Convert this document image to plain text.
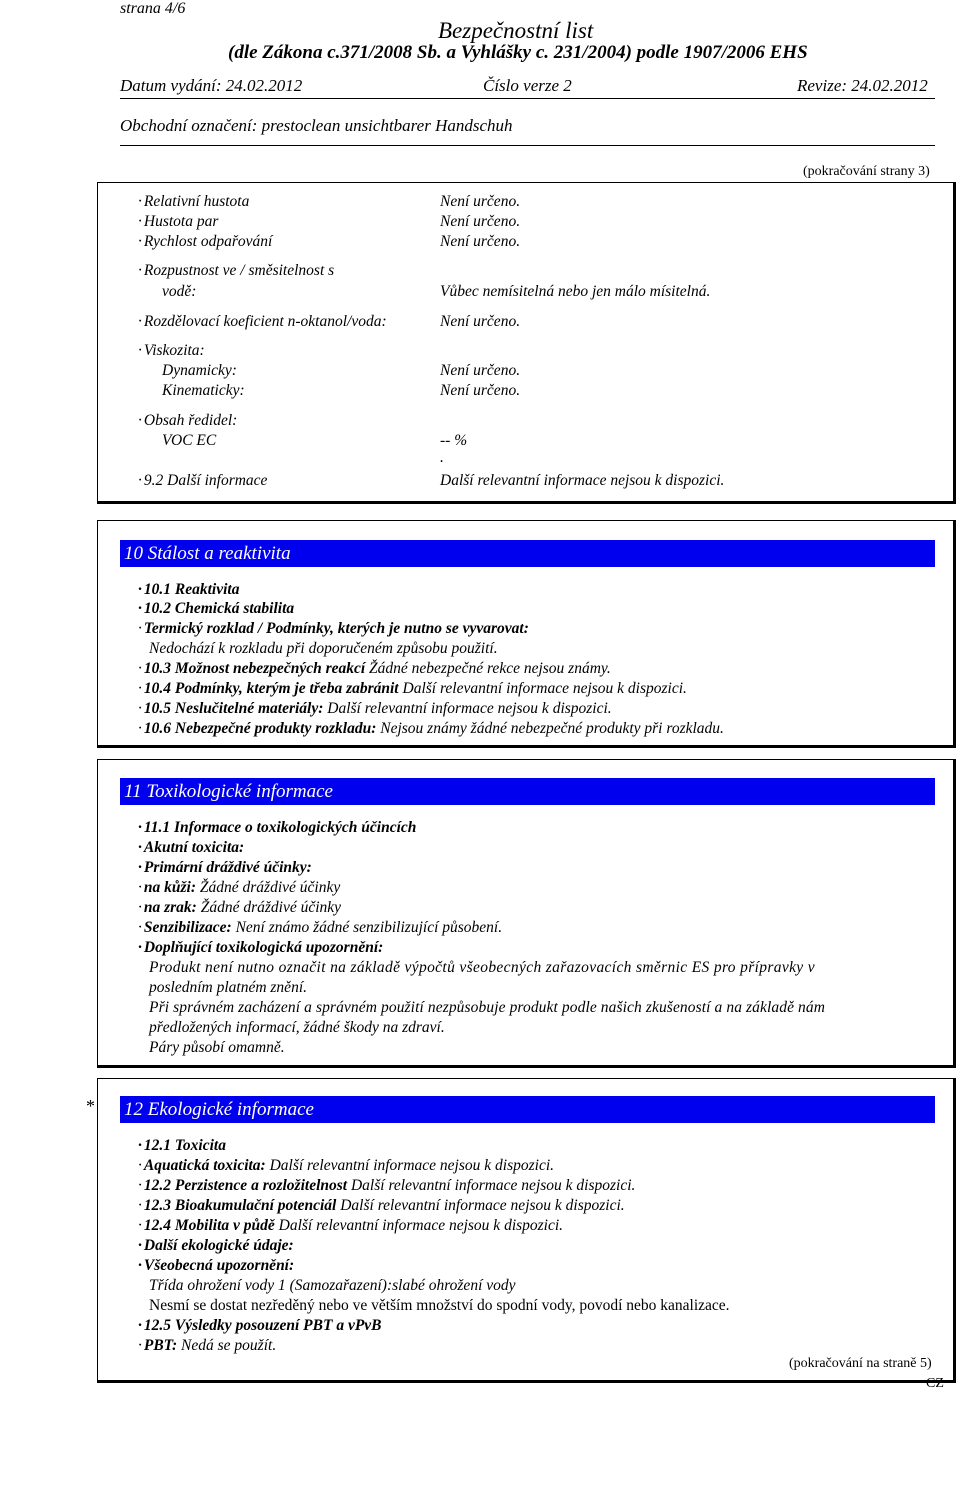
strana 4/6
Bezpečnostní list
(dle Zákona c.371/2008 Sb. a Vyhlášky c. 231/2004) podle 1907/2006 EHS
Datum vydání: 24.02.2012	Číslo verze 2	Revize: 24.02.2012
Obchodní označení: prestoclean unsichtbarer Handschuh
(pokračování strany 3)
· Relativní hustota	Není určeno.
· Hustota par	Není určeno.
· Rychlost odpařování	Není určeno.
· Rozpustnost ve / směsitelnost s
vodě:	Vůbec nemísitelná nebo jen málo mísitelná.
· Rozdělovací koeficient n-oktanol/voda:	Není určeno.
· Viskozita:
Dynamicky:	Není určeno.
Kinematicky:	Není určeno.
· Obsah ředidel:
VOC EC	-- %
.
· 9.2 Další informace	Další relevantní informace nejsou k dispozici.
10 Stálost a reaktivita
· 10.1 Reaktivita
· 10.2 Chemická stabilita
· Termický rozklad / Podmínky, kterých je nutno se vyvarovat:
Nedochází k rozkladu při doporučeném způsobu použití.
· 10.3 Možnost nebezpečných reakcí Žádné nebezpečné rekce nejsou známy.
· 10.4 Podmínky, kterým je třeba zabránit Další relevantní informace nejsou k dispozici.
· 10.5 Neslučitelné materiály: Další relevantní informace nejsou k dispozici.
· 10.6 Nebezpečné produkty rozkladu: Nejsou známy žádné nebezpečné produkty při rozkladu.
11 Toxikologické informace
· 11.1 Informace o toxikologických účincích
· Akutní toxicita:
· Primární dráždivé účinky:
· na kůži: Žádné dráždivé účinky
· na zrak: Žádné dráždivé účinky
· Senzibilizace: Není známo žádné senzibilizující působení.
· Doplňující toxikologická upozornění:
Produkt není nutno označit na základě výpočtů všeobecných zařazovacích směrnic ES pro přípravky v
posledním platném znění.
Při správném zacházení a správném použití nezpůsobuje produkt podle našich zkušeností a na základě nám
předložených informací, žádné škody na zdraví.
Páry působí omamně.
* 12 Ekologické informace
· 12.1 Toxicita
· Aquatická toxicita: Další relevantní informace nejsou k dispozici.
· 12.2 Perzistence a rozložitelnost Další relevantní informace nejsou k dispozici.
· 12.3 Bioakumulační potenciál Další relevantní informace nejsou k dispozici.
· 12.4 Mobilita v půdě Další relevantní informace nejsou k dispozici.
· Další ekologické údaje:
· Všeobecná upozornění:
Třída ohrožení vody 1 (Samozařazení):slabé ohrožení vody
Nesmí se dostat nezředěný nebo ve větším množství do spodní vody, povodí nebo kanalizace.
· 12.5 Výsledky posouzení PBT a vPvB
· PBT: Nedá se použít.
(pokračování na straně 5)
CZ
